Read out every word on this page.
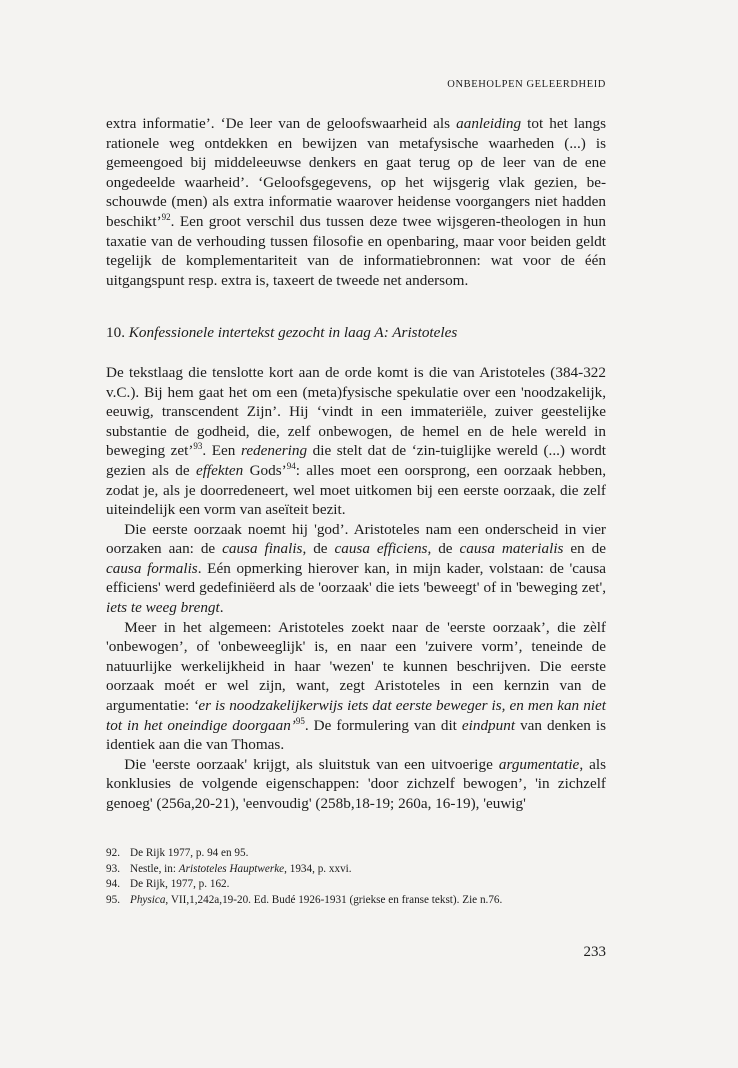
ONBEHOLPEN GELEERDHEID

extra informatie’. ‘De leer van de geloofswaarheid als aanleiding tot het langs rationele weg ontdekken en bewijzen van metafysische waarheden (...) is gemeengoed bij middeleeuwse denkers en gaat terug op de leer van de ene ongedeelde waarheid’. ‘Geloofsgegevens, op het wijsgerig vlak gezien, be-schouwde (men) als extra informatie waarover heidense voorgangers niet hadden beschikt’$^{92}$. Een groot verschil dus tussen deze twee wijsgeren-theologen in hun taxatie van de verhouding tussen filosofie en openbaring, maar voor beiden geldt tegelijk de komplementariteit van de informatiebronnen: wat voor de één uitgangspunt resp. extra is, taxeert de tweede net andersom.

10. Konfessionele intertekst gezocht in laag A: Aristoteles

De tekstlaag die tenslotte kort aan de orde komt is die van Aristoteles (384-322 v.C.). Bij hem gaat het om een (meta)fysische spekulatie over een 'noodzakelijk, eeuwig, transcendent Zijn’. Hij ‘vindt in een immateriële, zuiver geestelijke substantie de godheid, die, zelf onbewogen, de hemel en de hele wereld in beweging zet’$^{93}$. Een redenering die stelt dat de ‘zin-tuiglijke wereld (...) wordt gezien als de effekten Gods’$^{94}$: alles moet een oorsprong, een oorzaak hebben, zodat je, als je doorredeneert, wel moet uitkomen bij een eerste oorzaak, die zelf uiteindelijk een vorm van aseïteit bezit.

Die eerste oorzaak noemt hij 'god’. Aristoteles nam een onderscheid in vier oorzaken aan: de causa finalis, de causa efficiens, de causa materialis en de causa formalis. Eén opmerking hierover kan, in mijn kader, volstaan: de 'causa efficiens' werd gedefiniëerd als de 'oorzaak' die iets 'beweegt' of in 'beweging zet', iets te weeg brengt.

Meer in het algemeen: Aristoteles zoekt naar de 'eerste oorzaak’, die zèlf 'onbewogen’, of 'onbeweeglijk' is, en naar een 'zuivere vorm’, teneinde de natuurlijke werkelijkheid in haar 'wezen' te kunnen beschrijven. Die eerste oorzaak moét er wel zijn, want, zegt Aristoteles in een kernzin van de argumentatie: ‘er is noodzakelijkerwijs iets dat eerste beweger is, en men kan niet tot in het oneindige doorgaan’$^{95}$. De formulering van dit eindpunt van denken is identiek aan die van Thomas.

Die 'eerste oorzaak' krijgt, als sluitstuk van een uitvoerige argumentatie, als konklusies de volgende eigenschappen: 'door zichzelf bewogen’, 'in zichzelf genoeg' (256a,20-21), 'eenvoudig' (258b,18-19; 260a, 16-19), 'euwig'

92. De Rijk 1977, p. 94 en 95.
93. Nestle, in: Aristoteles Hauptwerke, 1934, p. xxvi.
94. De Rijk, 1977, p. 162.
95. Physica, VII,1,242a,19-20. Ed. Budé 1926-1931 (griekse en franse tekst). Zie n.76.
233
